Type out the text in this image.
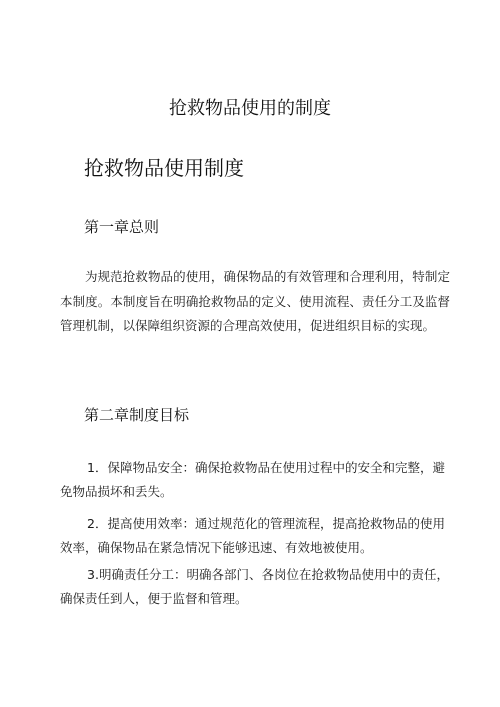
抢救物品使用的制度
抢救物品使用制度
第一章总则

为规范抢救物品的使用，确保物品的有效管理和合理利用，特制定本制度。本制度旨在明确抢救物品的定义、使用流程、责任分工及监督管理机制，以保障组织资源的合理高效使用，促进组织目标的实现。

第二章制度目标

1．保障物品安全：确保抢救物品在使用过程中的安全和完整，避免物品损坏和丢失。

2．提高使用效率：通过规范化的管理流程，提高抢救物品的使用效率，确保物品在紧急情况下能够迅速、有效地被使用。

3.明确责任分工：明确各部门、各岗位在抢救物品使用中的责任，确保责任到人，便于监督和管理。
